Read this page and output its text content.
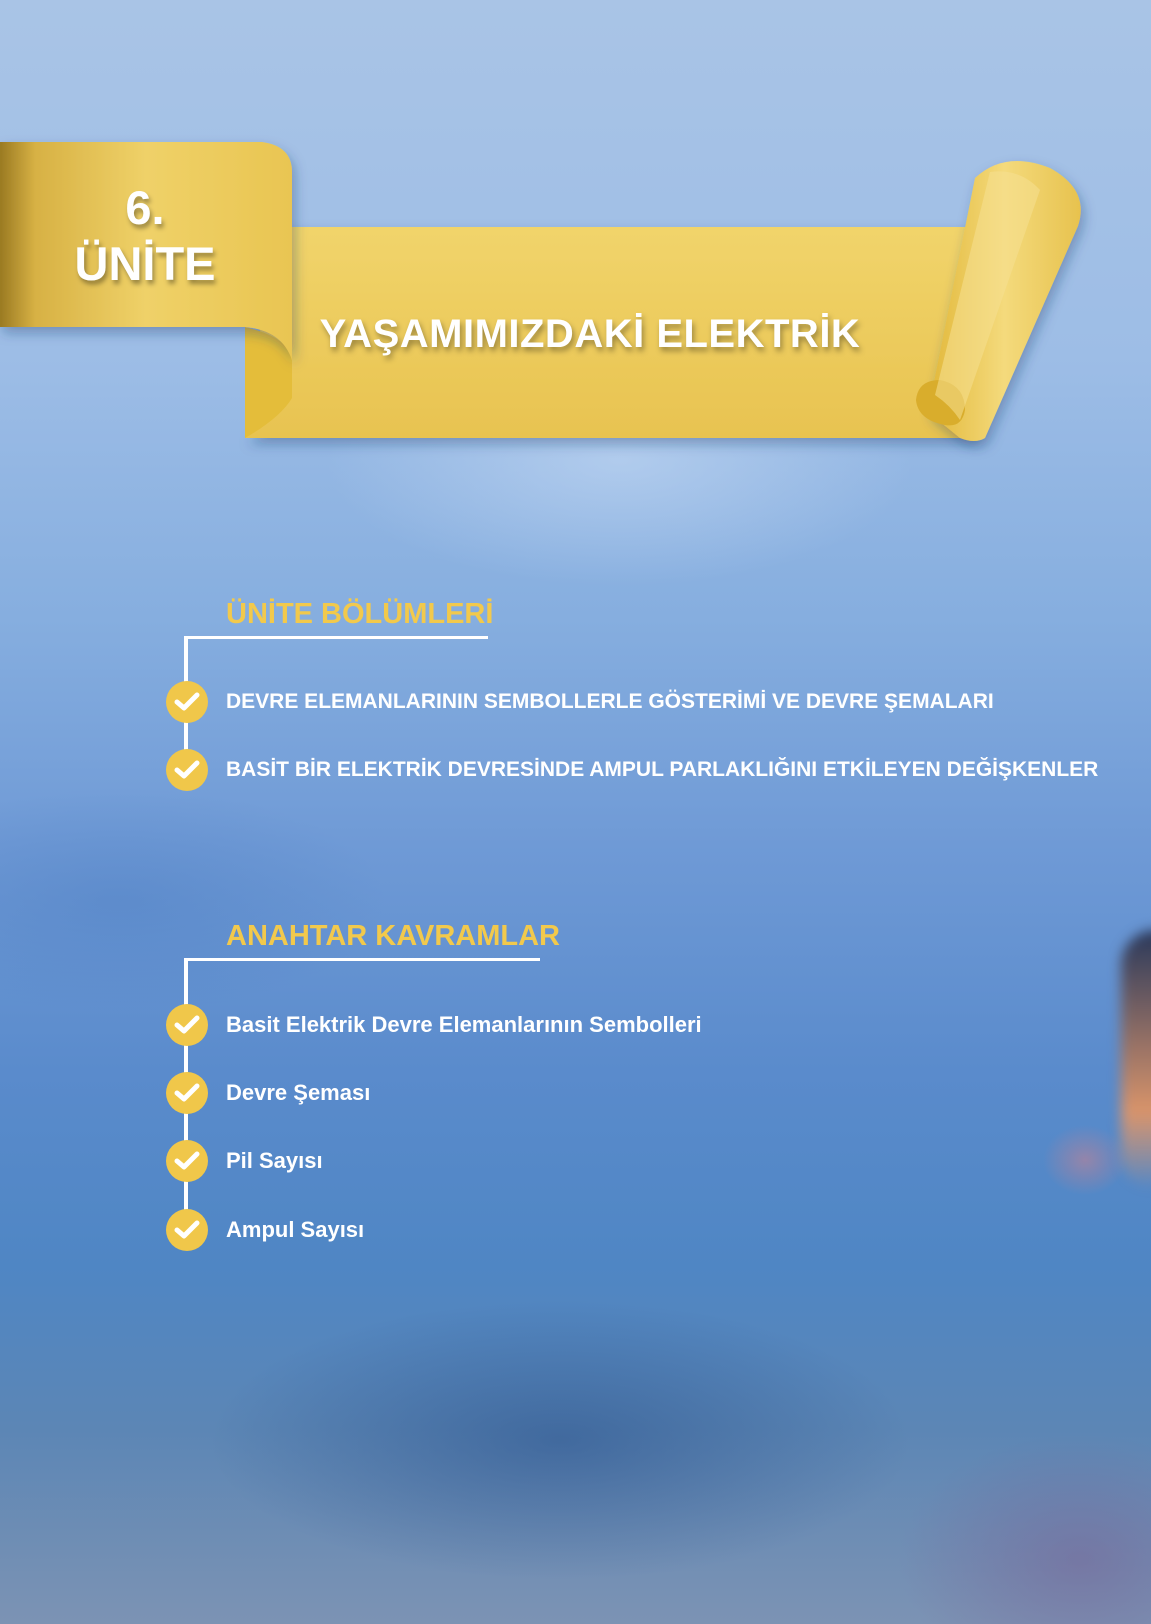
6.
ÜNİTE
YAŞAMIMIZDAKİ ELEKTRİK
ÜNİTE BÖLÜMLERİ
DEVRE ELEMANLARININ SEMBOLLERLE GÖSTERİMİ VE DEVRE ŞEMALARI
BASİT BİR ELEKTRİK DEVRESİNDE AMPUL PARLAKLIĞINI ETKİLEYEN DEĞİŞKENLER
ANAHTAR KAVRAMLAR
Basit Elektrik Devre Elemanlarının Sembolleri
Devre Şeması
Pil Sayısı
Ampul Sayısı
